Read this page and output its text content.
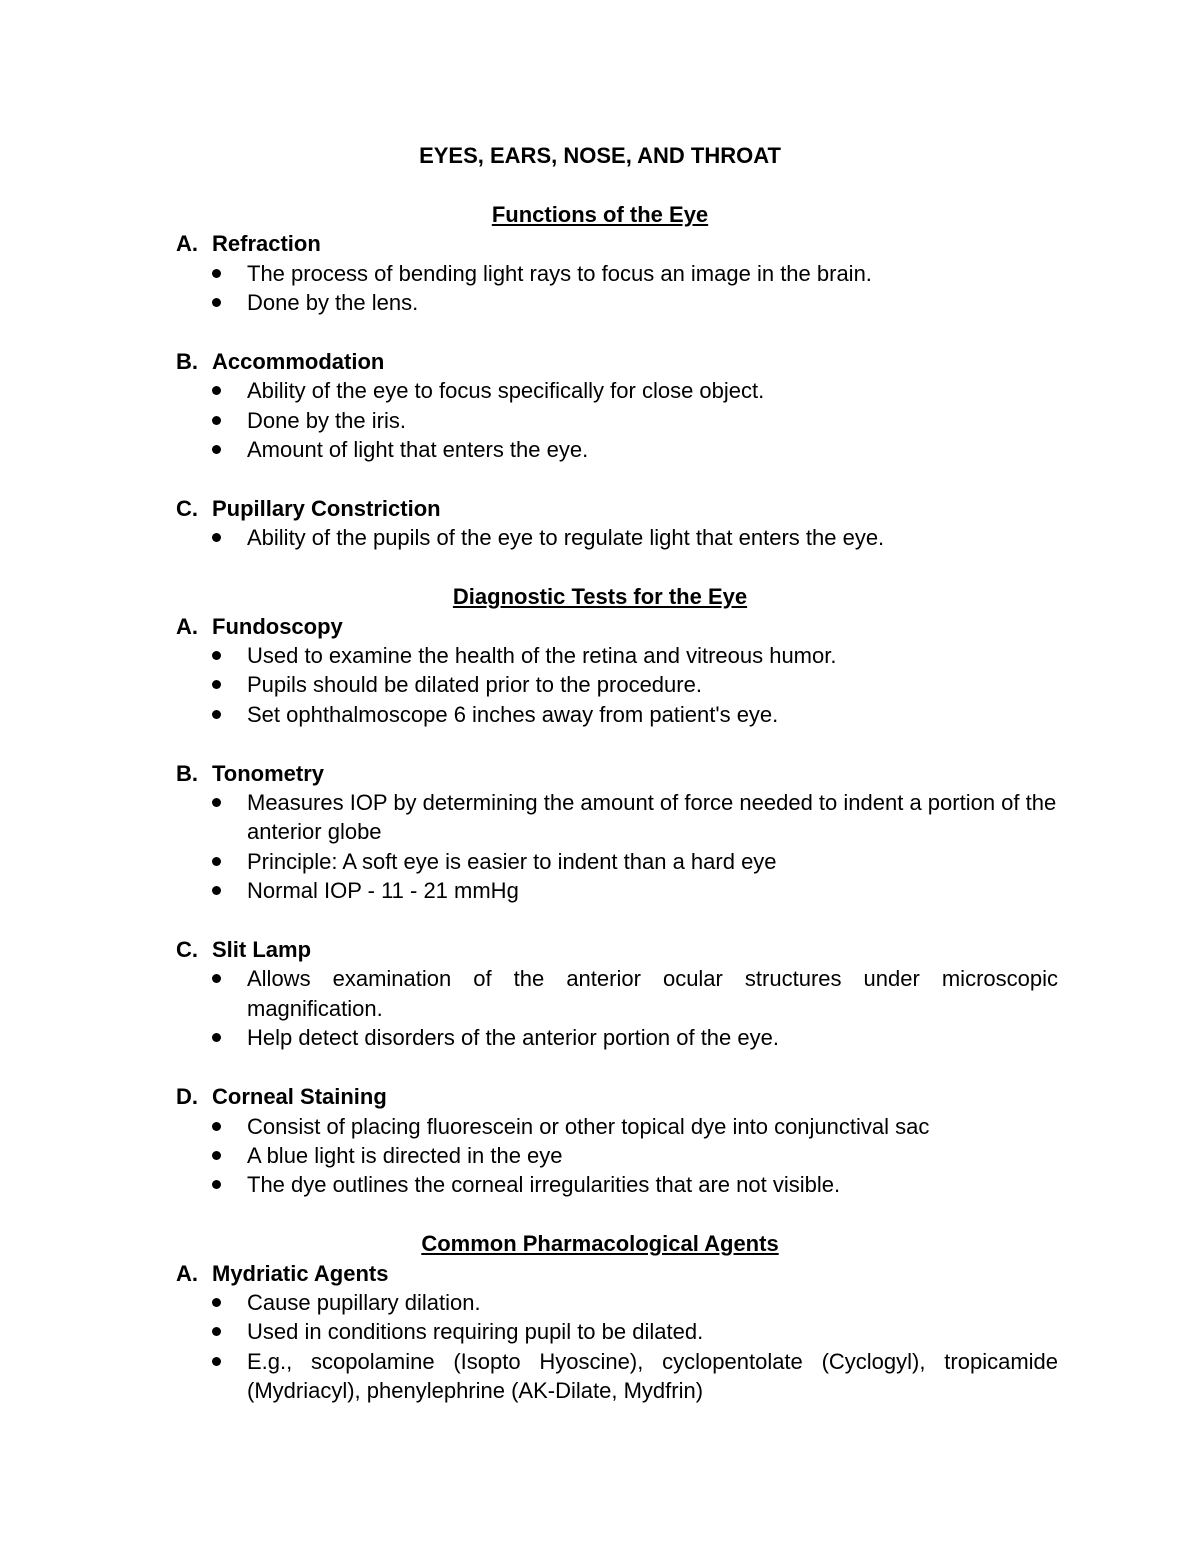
EYES, EARS, NOSE, AND THROAT
Functions of the Eye

A. Refraction

The process of bending light rays to focus an image in the brain.
Done by the lens.

B. Accommodation

Ability of the eye to focus specifically for close object.
Done by the iris.
Amount of light that enters the eye.

C. Pupillary Constriction

Ability of the pupils of the eye to regulate light that enters the eye.
Diagnostic Tests for the Eye

A. Fundoscopy

Used to examine the health of the retina and vitreous humor.
Pupils should be dilated prior to the procedure.
Set ophthalmoscope 6 inches away from patient's eye.

B. Tonometry

Measures IOP by determining the amount of force needed to indent a portion of the anterior globe
Principle: A soft eye is easier to indent than a hard eye
Normal IOP - 11 - 21 mmHg

C. Slit Lamp

Allows examination of the anterior ocular structures under microscopic magnification.
Help detect disorders of the anterior portion of the eye.

D. Corneal Staining

Consist of placing fluorescein or other topical dye into conjunctival sac
A blue light is directed in the eye
The dye outlines the corneal irregularities that are not visible.
Common Pharmacological Agents

A. Mydriatic Agents

Cause pupillary dilation.
Used in conditions requiring pupil to be dilated.
E.g., scopolamine (Isopto Hyoscine), cyclopentolate (Cyclogyl), tropicamide (Mydriacyl), phenylephrine (AK-Dilate, Mydfrin)
